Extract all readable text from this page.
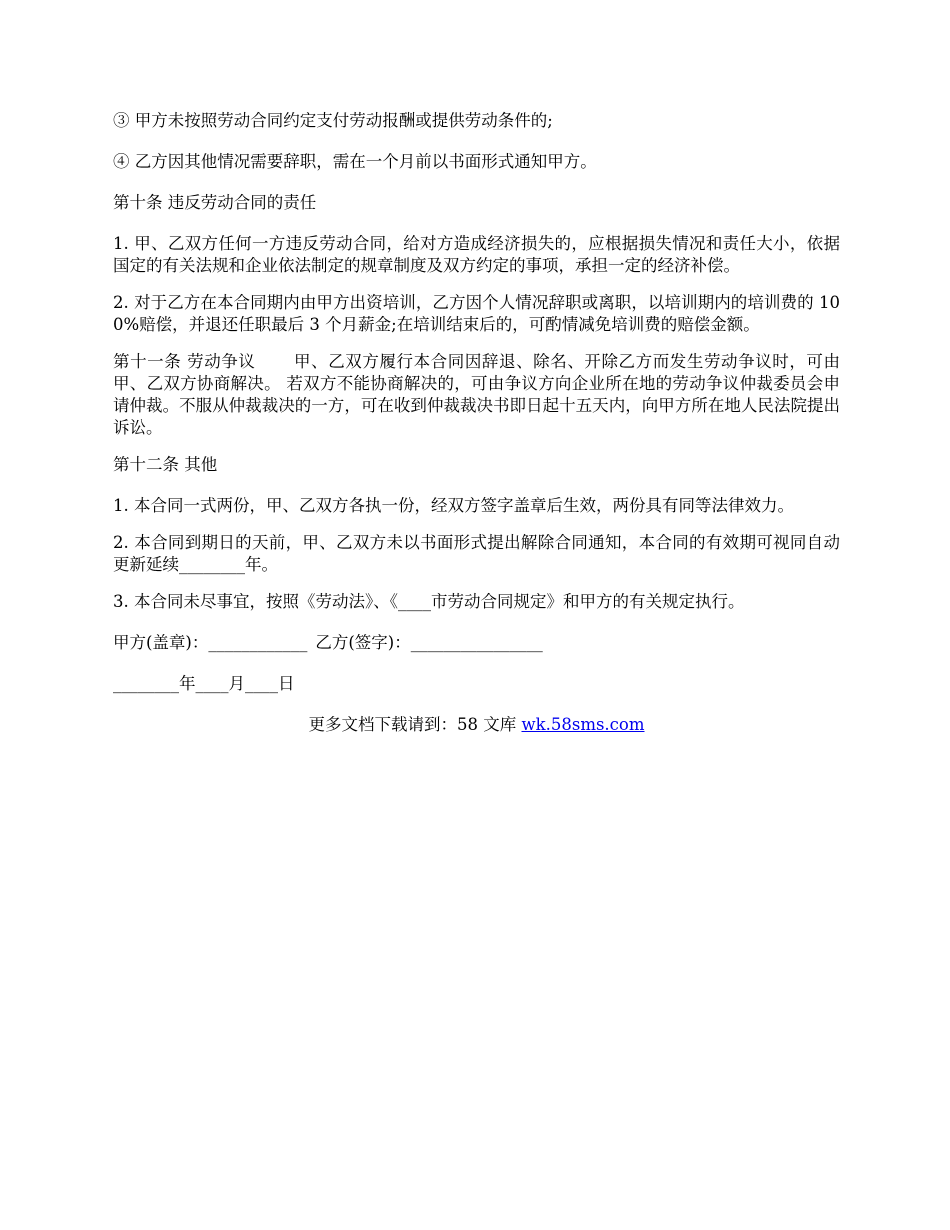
③ 甲方未按照劳动合同约定支付劳动报酬或提供劳动条件的;

④ 乙方因其他情况需要辞职，需在一个月前以书面形式通知甲方。

第十条 违反劳动合同的责任

1. 甲、乙双方任何一方违反劳动合同，给对方造成经济损失的，应根据损失情况和责任大小，依据国定的有关法规和企业依法制定的规章制度及双方约定的事项，承担一定的经济补偿。

2. 对于乙方在本合同期内由甲方出资培训，乙方因个人情况辞职或离职，以培训期内的培训费的 100%赔偿，并退还任职最后 3 个月薪金;在培训结束后的，可酌情减免培训费的赔偿金额。

第十一条 劳动争议 甲、乙双方履行本合同因辞退、除名、开除乙方而发生劳动争议时，可由甲、乙双方协商解决。 若双方不能协商解决的，可由争议方向企业所在地的劳动争议仲裁委员会申请仲裁。不服从仲裁裁决的一方，可在收到仲裁裁决书即日起十五天内，向甲方所在地人民法院提出诉讼。

第十二条 其他

1. 本合同一式两份，甲、乙双方各执一份，经双方签字盖章后生效，两份具有同等法律效力。

2. 本合同到期日的天前，甲、乙双方未以书面形式提出解除合同通知，本合同的有效期可视同自动更新延续________年。

3. 本合同未尽事宜，按照《劳动法》、《____市劳动合同规定》和甲方的有关规定执行。

甲方(盖章)：____________ 乙方(签字)：________________

________年____月____日

更多文档下载请到：58 文库 wk.58sms.com
